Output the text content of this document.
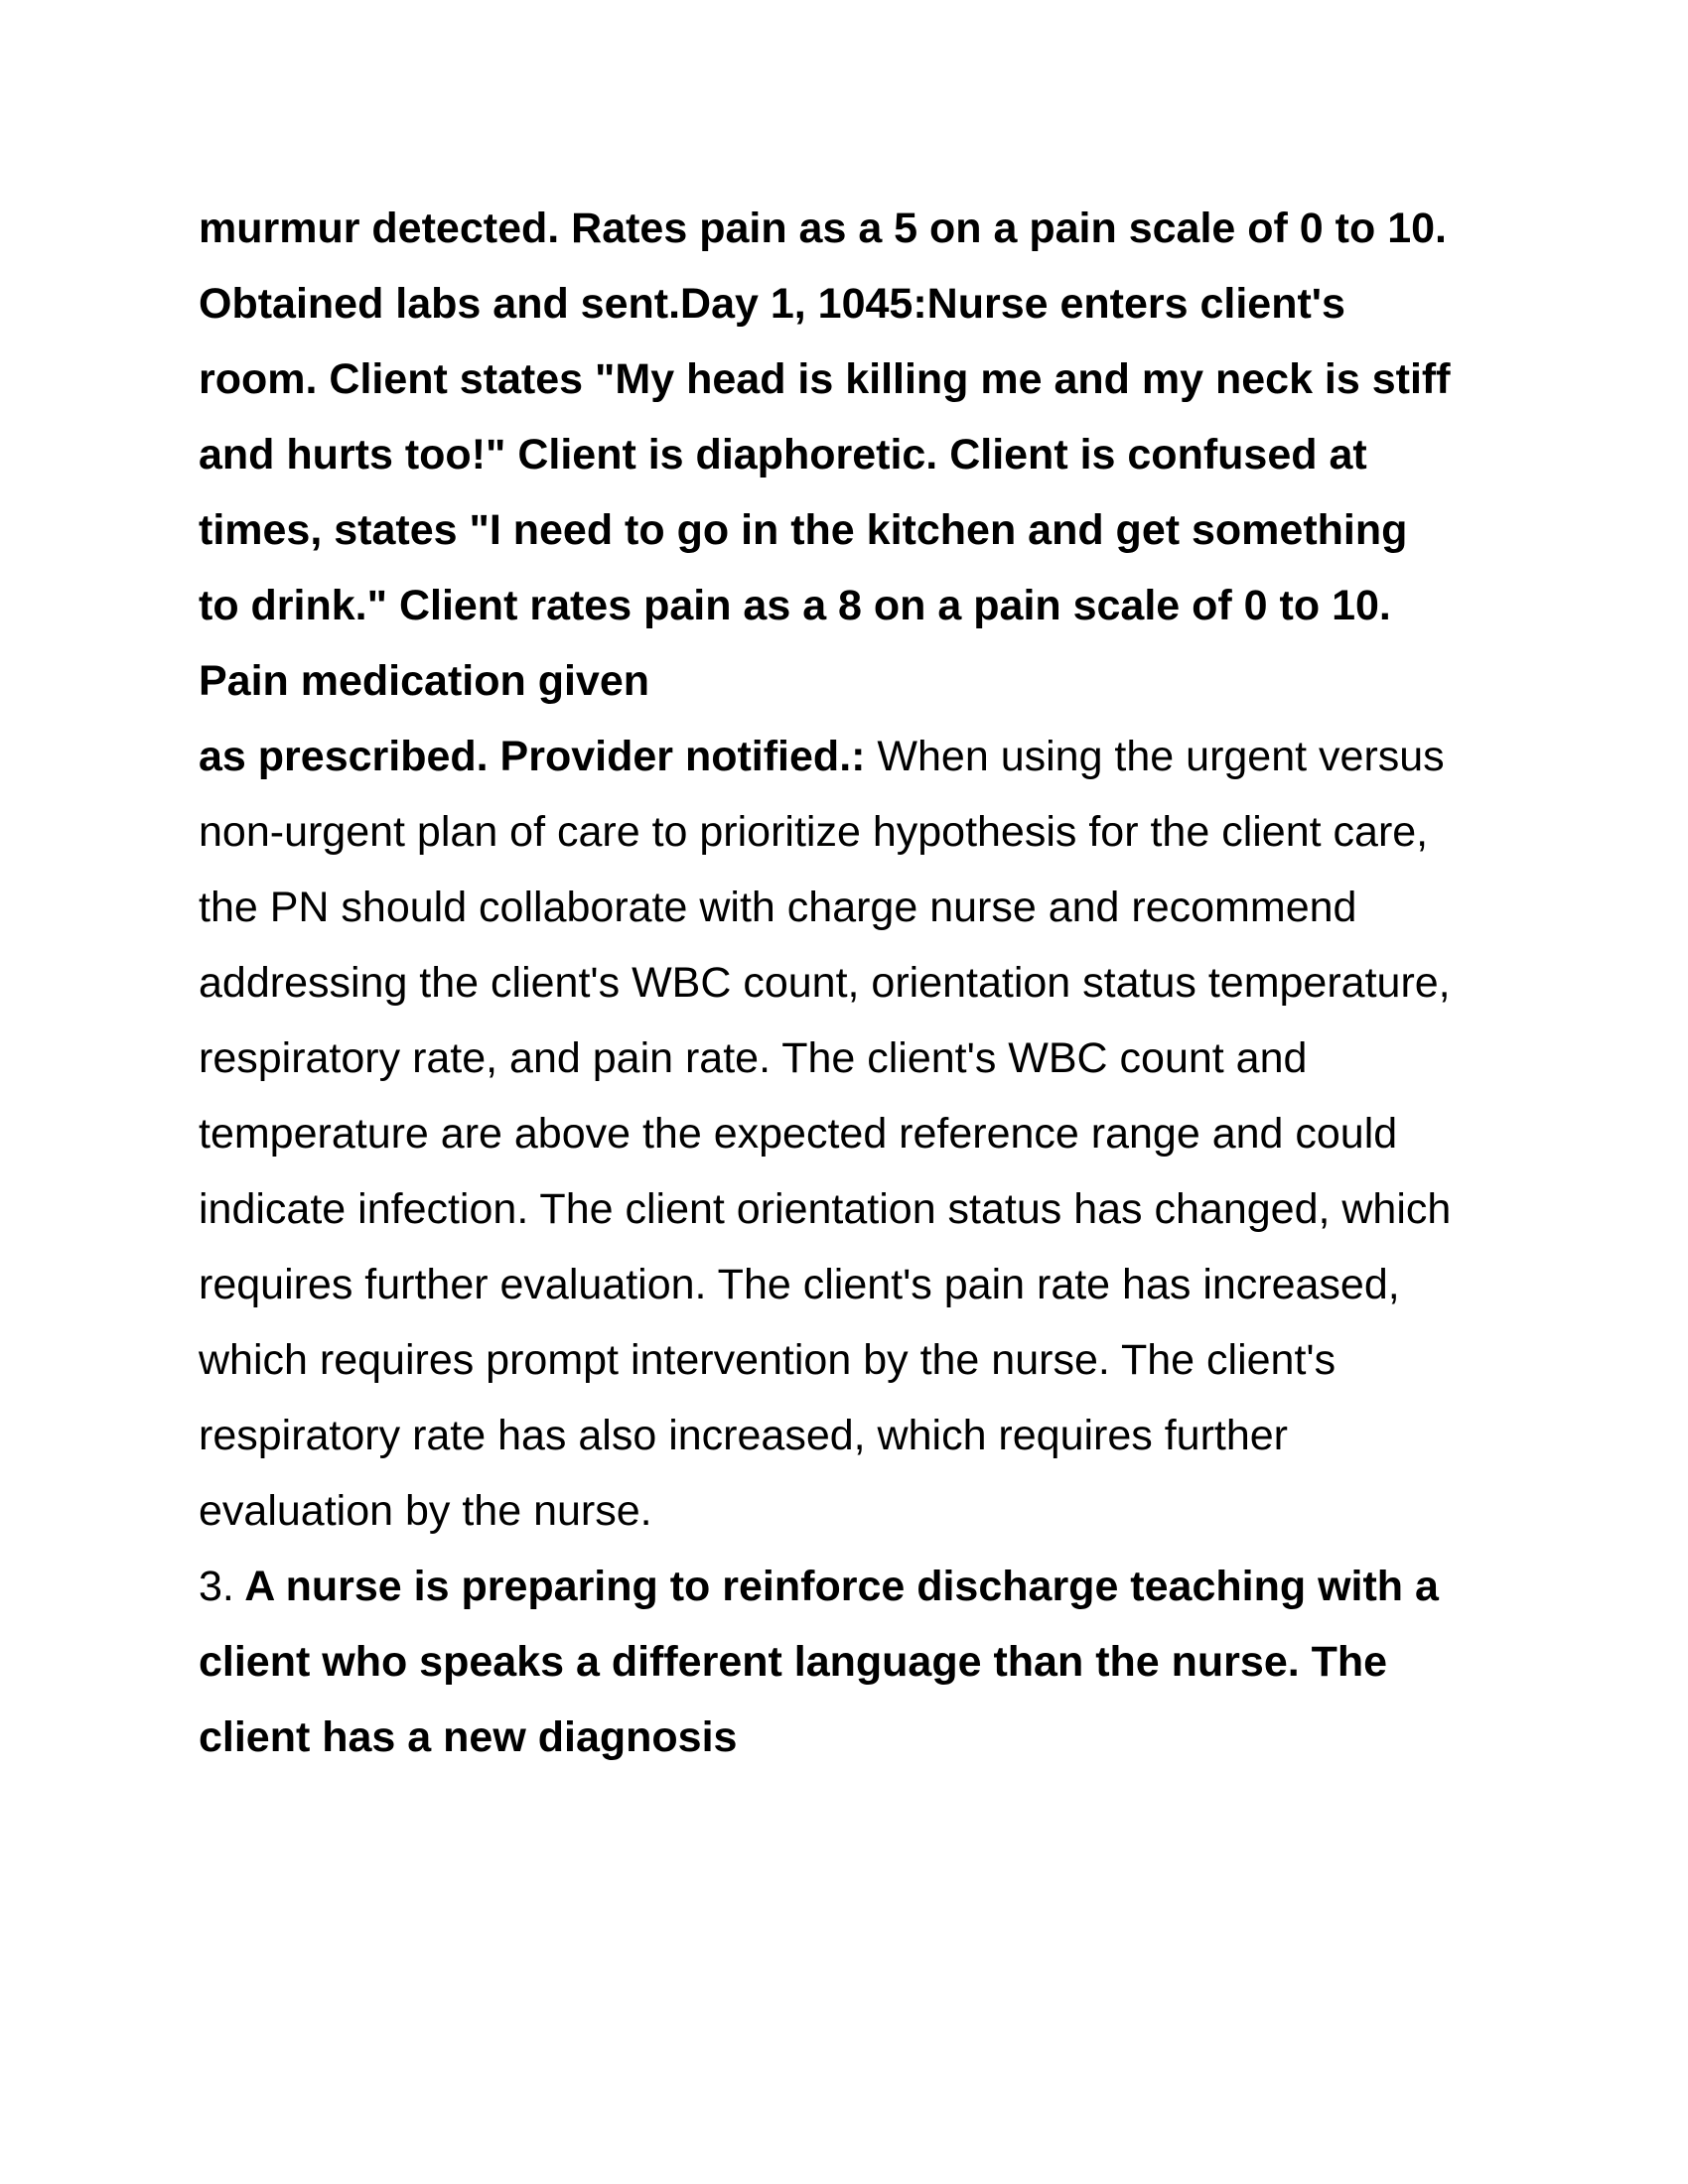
murmur detected. Rates pain as a 5 on a pain scale of 0 to 10.
Obtained labs and sent.Day 1, 1045:Nurse enters client's
room. Client states "My head is killing me and my neck is stiff
and hurts too!" Client is diaphoretic. Client is confused at
times, states "I need to go in the kitchen and get something
to drink." Client rates pain as a 8 on a pain scale of 0 to 10.
Pain medication given
as prescribed. Provider notified.: When using the urgent versus
non-urgent plan of care to prioritize hypothesis for the client care,
the PN should collaborate with charge nurse and recommend
addressing the client's WBC count, orientation status temperature,
respiratory rate, and pain rate. The client's WBC count and
temperature are above the expected reference range and could
indicate infection. The client orientation status has changed, which
requires further evaluation. The client's pain rate has increased,
which requires prompt intervention by the nurse. The client's
respiratory rate has also increased, which requires further
evaluation by the nurse.
3. A nurse is preparing to reinforce discharge teaching with a
client who speaks a different language than the nurse. The
client has a new diagnosis
